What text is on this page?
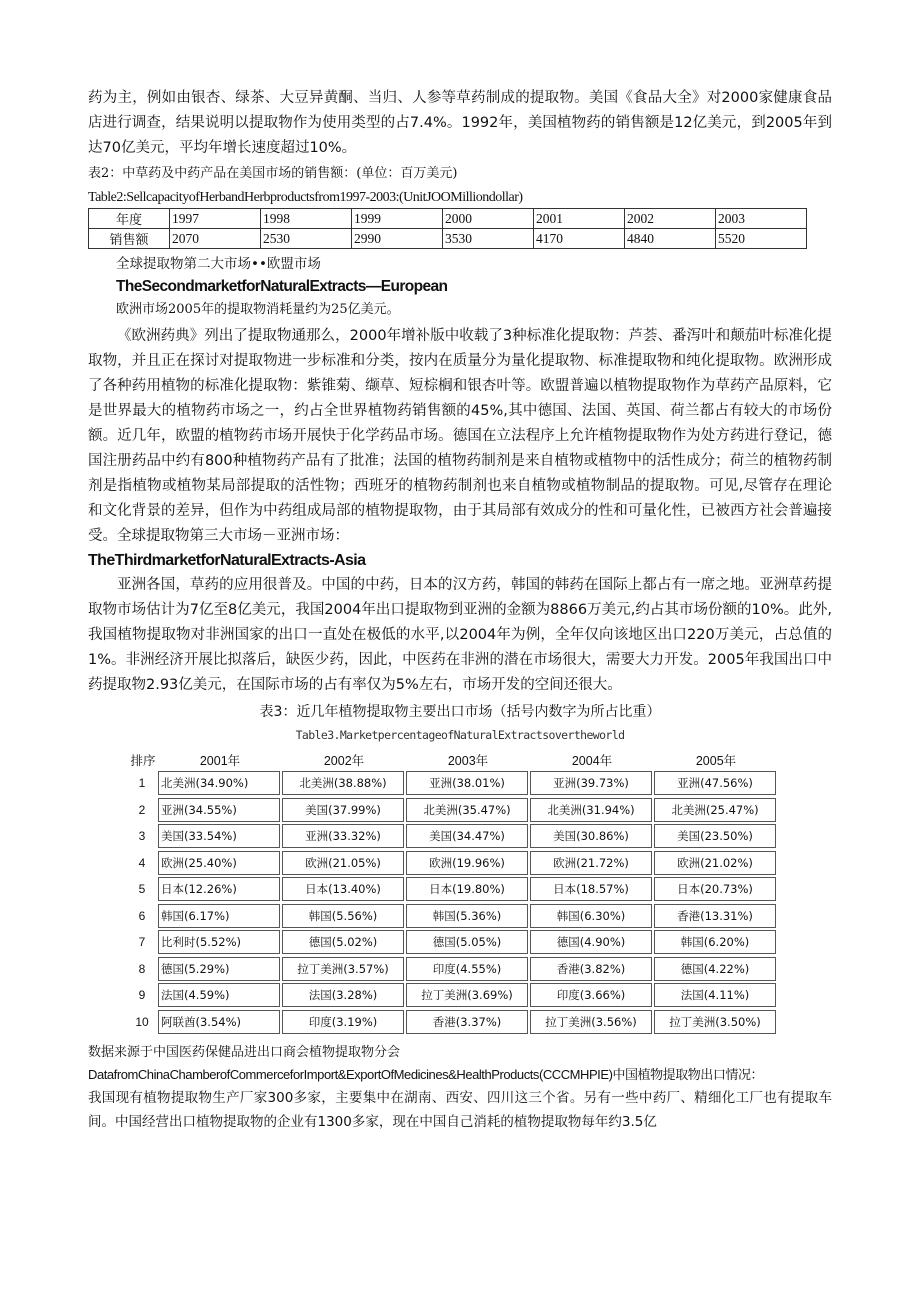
药为主，例如由银杏、绿茶、大豆异黄酮、当归、人参等草药制成的提取物。美国《食品大全》对2000家健康食品店进行调查，结果说明以提取物作为使用类型的占7.4%。1992年，美国植物药的销售额是12亿美元，到2005年到达70亿美元，平均年增长速度超过10%。

表2：中草药及中药产品在美国市场的销售额：(单位：百万美元)

Table2:SellcapacityofHerbandHerbproductsfrom1997-2003:(UnitJOOMilliondollar)

年度	1997	1998	1999	2000	2001	2002	2003
销售额	2070	2530	2990	3530	4170	4840	5520

全球提取物第二大市场••欧盟市场

TheSecondmarketforNaturalExtracts—European

欧洲市场2005年的提取物消耗量约为25亿美元。

《欧洲药典》列出了提取物通那么，2000年增补版中收载了3种标准化提取物：芦荟、番泻叶和颠茄叶标准化提取物，并且正在探讨对提取物进一步标准和分类，按内在质量分为量化提取物、标准提取物和纯化提取物。欧洲形成了各种药用植物的标准化提取物：紫锥菊、缬草、短棕榈和银杏叶等。欧盟普遍以植物提取物作为草药产品原料，它是世界最大的植物药市场之一，约占全世界植物药销售额的45%,其中德国、法国、英国、荷兰都占有较大的市场份额。近几年，欧盟的植物药市场开展快于化学药品市场。德国在立法程序上允许植物提取物作为处方药进行登记，德国注册药品中约有800种植物药产品有了批准；法国的植物药制剂是来自植物或植物中的活性成分；荷兰的植物药制剂是指植物或植物某局部提取的活性物；西班牙的植物药制剂也来自植物或植物制品的提取物。可见,尽管存在理论和文化背景的差异，但作为中药组成局部的植物提取物，由于其局部有效成分的性和可量化性，已被西方社会普遍接受。全球提取物第三大市场－亚洲市场：

TheThirdmarketforNaturalExtracts-Asia

亚洲各国，草药的应用很普及。中国的中药，日本的汉方药，韩国的韩药在国际上都占有一席之地。亚洲草药提取物市场估计为7亿至8亿美元，我国2004年出口提取物到亚洲的金额为8866万美元,约占其市场份额的10%。此外,我国植物提取物对非洲国家的出口一直处在极低的水平,以2004年为例，全年仅向该地区出口220万美元，占总值的1%。非洲经济开展比拟落后，缺医少药，因此，中医药在非洲的潜在市场很大，需要大力开发。2005年我国出口中药提取物2.93亿美元，在国际市场的占有率仅为5%左右，市场开发的空间还很大。

表3：近几年植物提取物主要出口市场（括号内数字为所占比重）

Table3.MarketpercentageofNaturalExtractsovertheworld

排序	2001年	2002年	2003年	2004年	2005年
1	北美洲(34.90%)	北美洲(38.88%)	亚洲(38.01%)	亚洲(39.73%)	亚洲(47.56%)
2	亚洲(34.55%)	美国(37.99%)	北美洲(35.47%)	北美洲(31.94%)	北美洲(25.47%)
3	美国(33.54%)	亚洲(33.32%)	美国(34.47%)	美国(30.86%)	美国(23.50%)
4	欧洲(25.40%)	欧洲(21.05%)	欧洲(19.96%)	欧洲(21.72%)	欧洲(21.02%)
5	日本(12.26%)	日本(13.40%)	日本(19.80%)	日本(18.57%)	日本(20.73%)
6	韩国(6.17%)	韩国(5.56%)	韩国(5.36%)	韩国(6.30%)	香港(13.31%)
7	比利时(5.52%)	德国(5.02%)	德国(5.05%)	德国(4.90%)	韩国(6.20%)
8	德国(5.29%)	拉丁美洲(3.57%)	印度(4.55%)	香港(3.82%)	德国(4.22%)
9	法国(4.59%)	法国(3.28%)	拉丁美洲(3.69%)	印度(3.66%)	法国(4.11%)
10	阿联酋(3.54%)	印度(3.19%)	香港(3.37%)	拉丁美洲(3.56%)	拉丁美洲(3.50%)

数据来源于中国医药保健品进出口商会植物提取物分会

DatafromChinaChamberofCommerceforImport&ExportOfMedicines&HealthProducts(CCCMHPIE)中国植物提取物出口情况：

我国现有植物提取物生产厂家300多家，主要集中在湖南、西安、四川这三个省。另有一些中药厂、精细化工厂也有提取车间。中国经营出口植物提取物的企业有1300多家，现在中国自己消耗的植物提取物每年约3.5亿
